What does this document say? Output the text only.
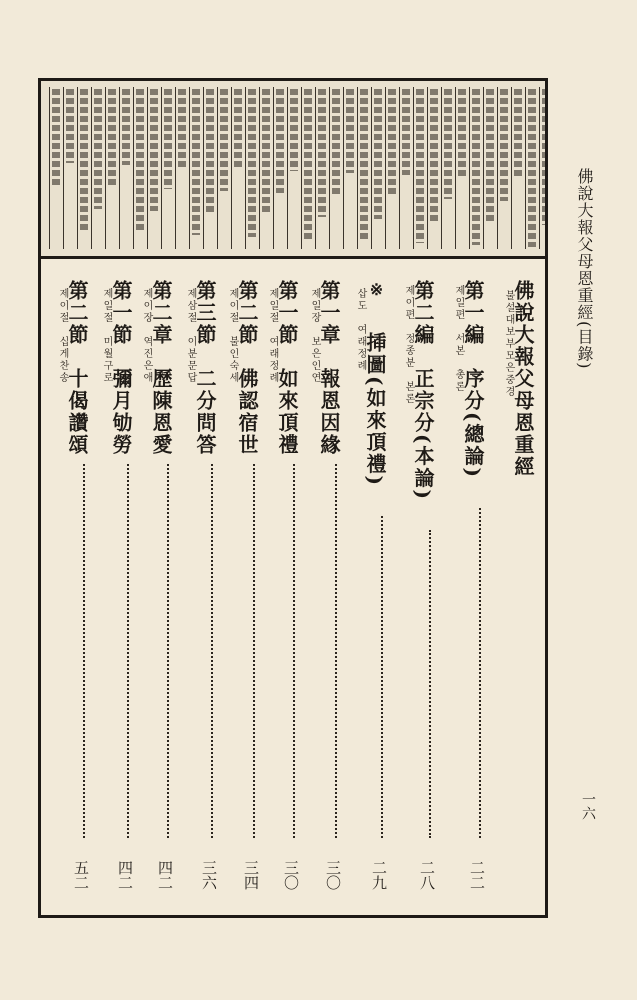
佛說大報父母恩重經(目錄)
一六
불설대보부모은중경
佛說大報父母恩重經
제일편　서본　총론
第一編　序分(總論)
二二
제이편　정종분　본론
第二編　正宗分(本論)
二八
삽도　여래정례
揷圖(如來頂禮)
※
二九
제일장　보은인연
第一章　報恩因緣
三〇
제일절　여래정례
第一節　如來頂禮
三〇
제이절　불인숙세
第二節　佛認宿世
三四
제삼절　이분문답
第三節　二分問答
三六
제이장　역진은애
第二章　歷陳恩愛
四二
제일절　미월구로
第一節　彌月劬勞
四二
제이절　십게찬송
第二節　十偈讚頌
五二
